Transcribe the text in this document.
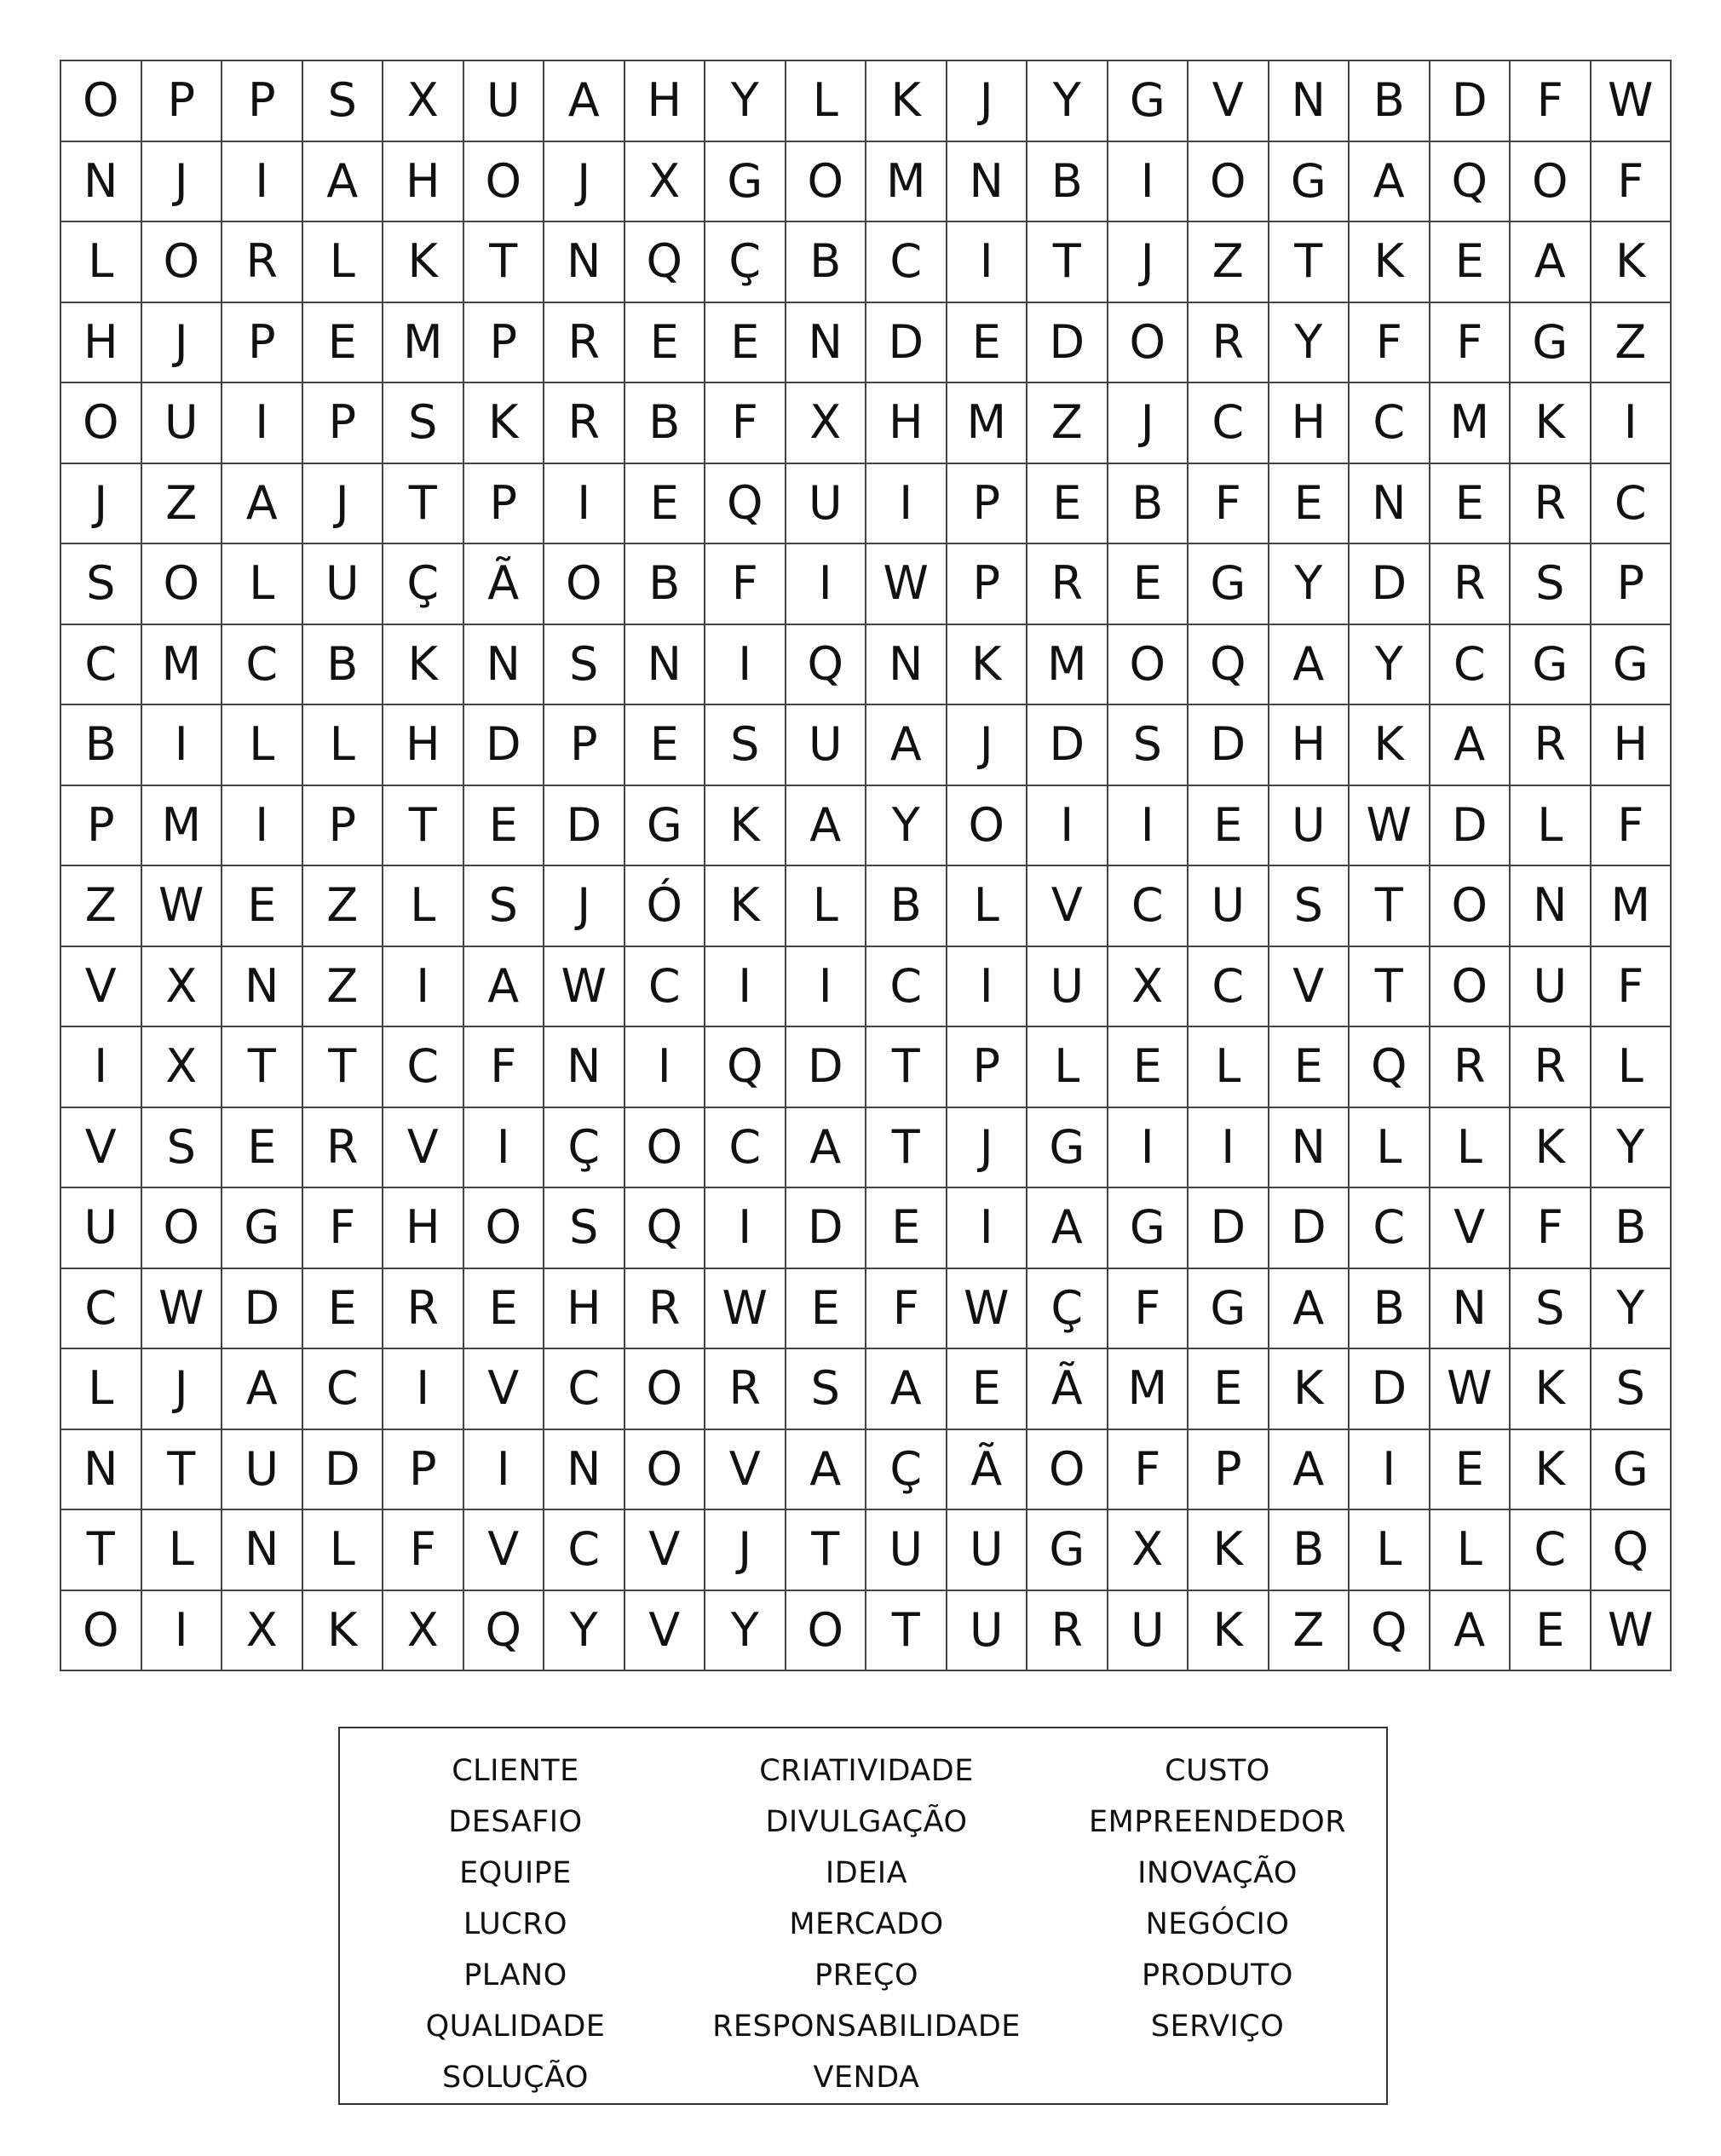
O	P	P	S	X	U	A	H	Y	L	K	J	Y	G	V	N	B	D	F W
N	J	I	A	H O	J	X	G O M N	B	I	O G	A	Q O	F
L	O	R	L	K	T	N Q	Ç	B	C	I	T	J	Z	T	K	E	A	K
H	J	P	E	M	P	R	E	E	N D	E	D O	R	Y	F	F	G	Z
O U	I	P	S	K	R	B	F	X	H M Z	J	C	H	C M K	I
J	Z	A	J	T	P	I	E	Q U	I	P	E	B	F	E	N	E	R	C
S	O	L	U	Ç	Ã	O	B	F	I	W P	R	E	G	Y	D	R	S	P
C M C	B	K	N	S	N	I	Q N	K M O Q	A	Y	C	G G
B	I	L	L	H D	P	E	S	U	A	J	D	S	D H	K	A	R	H
P	M	I	P	T	E	D G	K	A	Y	O	I	I	E	U W D	L	F
Z W E	Z	L	S	J	Ó	K	L	B	L	V	C	U	S	T	O N M
V	X	N	Z	I	A W C	I	I	C	I	U	X	C	V	T	O U	F
I	X	T	T	C	F	N	I	Q D	T	P	L	E	L	E	Q	R	R	L
V	S	E	R	V	I	Ç	O	C	A	T	J	G	I	I	N	L	L	K	Y
U O G	F	H O	S	Q	I	D	E	I	A	G D D	C	V	F	B
C W D	E	R	E	H	R W E	F W Ç	F	G	A	B	N	S	Y
L	J	A	C	I	V	C	O	R	S	A	E	Ã M	E	K	D W K	S
N	T	U D	P	I	N O	V	A	Ç	Ã	O	F	P	A	I	E	K	G
T	L	N	L	F	V	C	V	J	T	U	U G	X	K	B	L	L	C	Q
O	I	X	K	X	Q	Y	V	Y	O	T	U	R	U	K	Z	Q	A	E W
CLIENTE	CRIATIVIDADE	CUSTO
DESAFIO	DIVULGAÇÃO	EMPREENDEDOR
EQUIPE	IDEIA	INOVAÇÃO
LUCRO	MERCADO	NEGÓCIO
PLANO	PREÇO	PRODUTO
QUALIDADE	RESPONSABILIDADE	SERVIÇO
SOLUÇÃO	VENDA
